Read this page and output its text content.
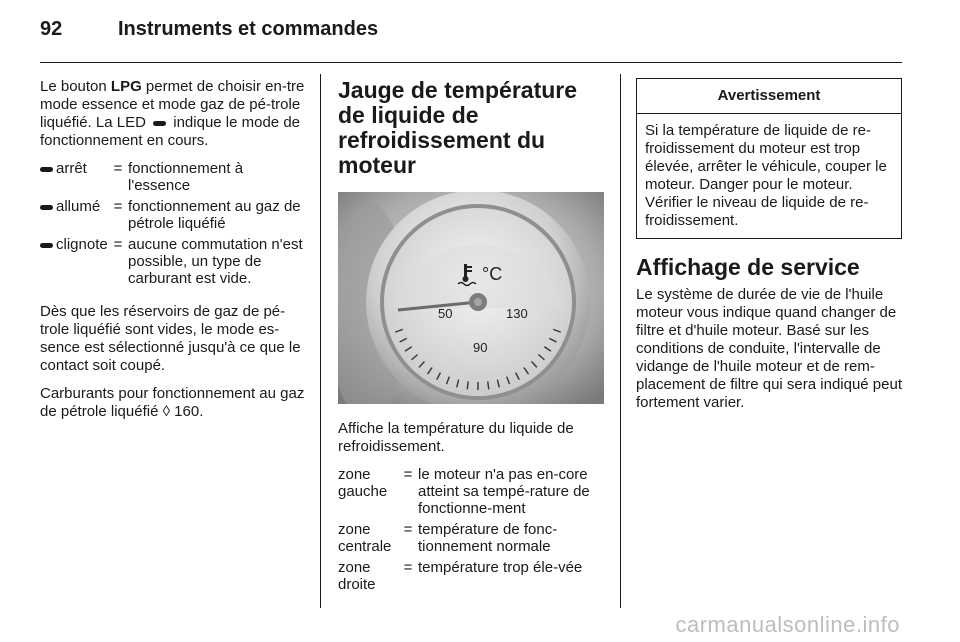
92	Instruments et commandes

Le bouton LPG permet de choisir en-tre mode essence et mode gaz de pé-trole liquéfié. La LED  indique le mode de fonctionnement en cours.

arrêt	=	fonctionnement à l'essence
allumé	=	fonctionnement au gaz de pétrole liquéfié
clignote	=	aucune commutation n'est possible, un type de carburant est vide.

Dès que les réservoirs de gaz de pé-trole liquéfié sont vides, le mode es-sence est sélectionné jusqu'à ce que le contact soit coupé.

Carburants pour fonctionnement au gaz de pétrole liquéfié ◊ 160.

Jauge de température de liquide de refroidissement du moteur
50
90
130
°C

Affiche la température du liquide de refroidissement.

zone gauche	=	le moteur n'a pas en-core atteint sa tempé-rature de fonctionne-ment
zone centrale	=	température de fonc-tionnement normale
zone droite	=	température trop éle-vée
Avertissement
Si la température de liquide de re-froidissement du moteur est trop élevée, arrêter le véhicule, couper le moteur. Danger pour le moteur. Vérifier le niveau de liquide de re-froidissement.
Affichage de service

Le système de durée de vie de l'huile moteur vous indique quand changer de filtre et d'huile moteur. Basé sur les conditions de conduite, l'intervalle de vidange de l'huile moteur et de rem-placement de filtre qui sera indiqué peut fortement varier.

carmanualsonline.info
